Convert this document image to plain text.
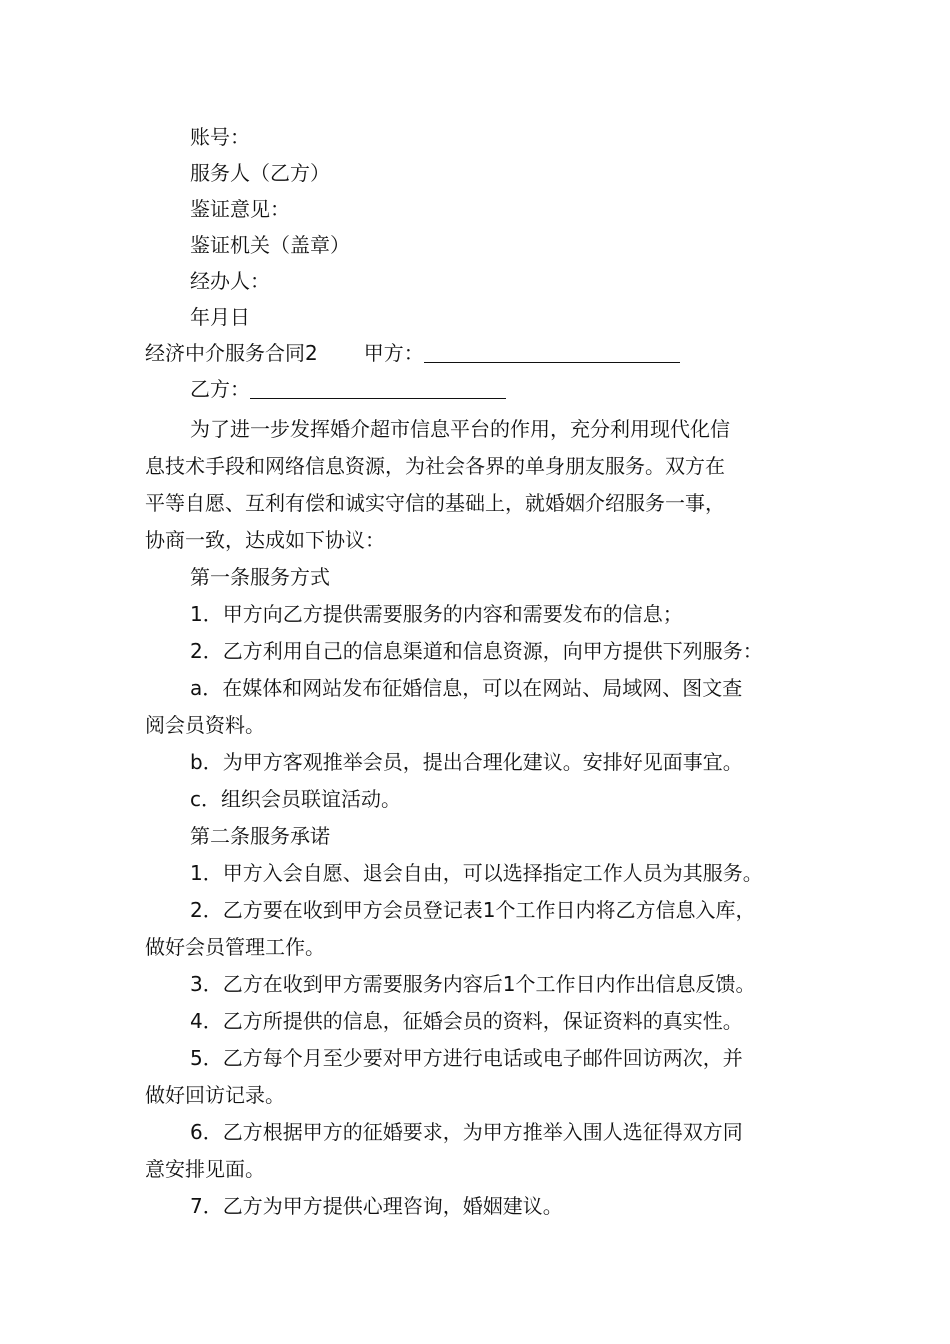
账号：
服务人（乙方）
鉴证意见：
鉴证机关（盖章）
经办人：
年月日
经济中介服务合同2 甲方：
乙方：
为了进一步发挥婚介超市信息平台的作用，充分利用现代化信
息技术手段和网络信息资源，为社会各界的单身朋友服务。双方在
平等自愿、互利有偿和诚实守信的基础上，就婚姻介绍服务一事，
协商一致，达成如下协议：
第一条服务方式
1．甲方向乙方提供需要服务的内容和需要发布的信息；
2．乙方利用自己的信息渠道和信息资源，向甲方提供下列服务：
a．在媒体和网站发布征婚信息，可以在网站、局域网、图文查
阅会员资料。
b．为甲方客观推举会员，提出合理化建议。安排好见面事宜。
c．组织会员联谊活动。
第二条服务承诺
1．甲方入会自愿、退会自由，可以选择指定工作人员为其服务。
2．乙方要在收到甲方会员登记表1个工作日内将乙方信息入库，
做好会员管理工作。
3．乙方在收到甲方需要服务内容后1个工作日内作出信息反馈。
4．乙方所提供的信息，征婚会员的资料，保证资料的真实性。
5．乙方每个月至少要对甲方进行电话或电子邮件回访两次，并
做好回访记录。
6．乙方根据甲方的征婚要求，为甲方推举入围人选征得双方同
意安排见面。
7．乙方为甲方提供心理咨询，婚姻建议。
